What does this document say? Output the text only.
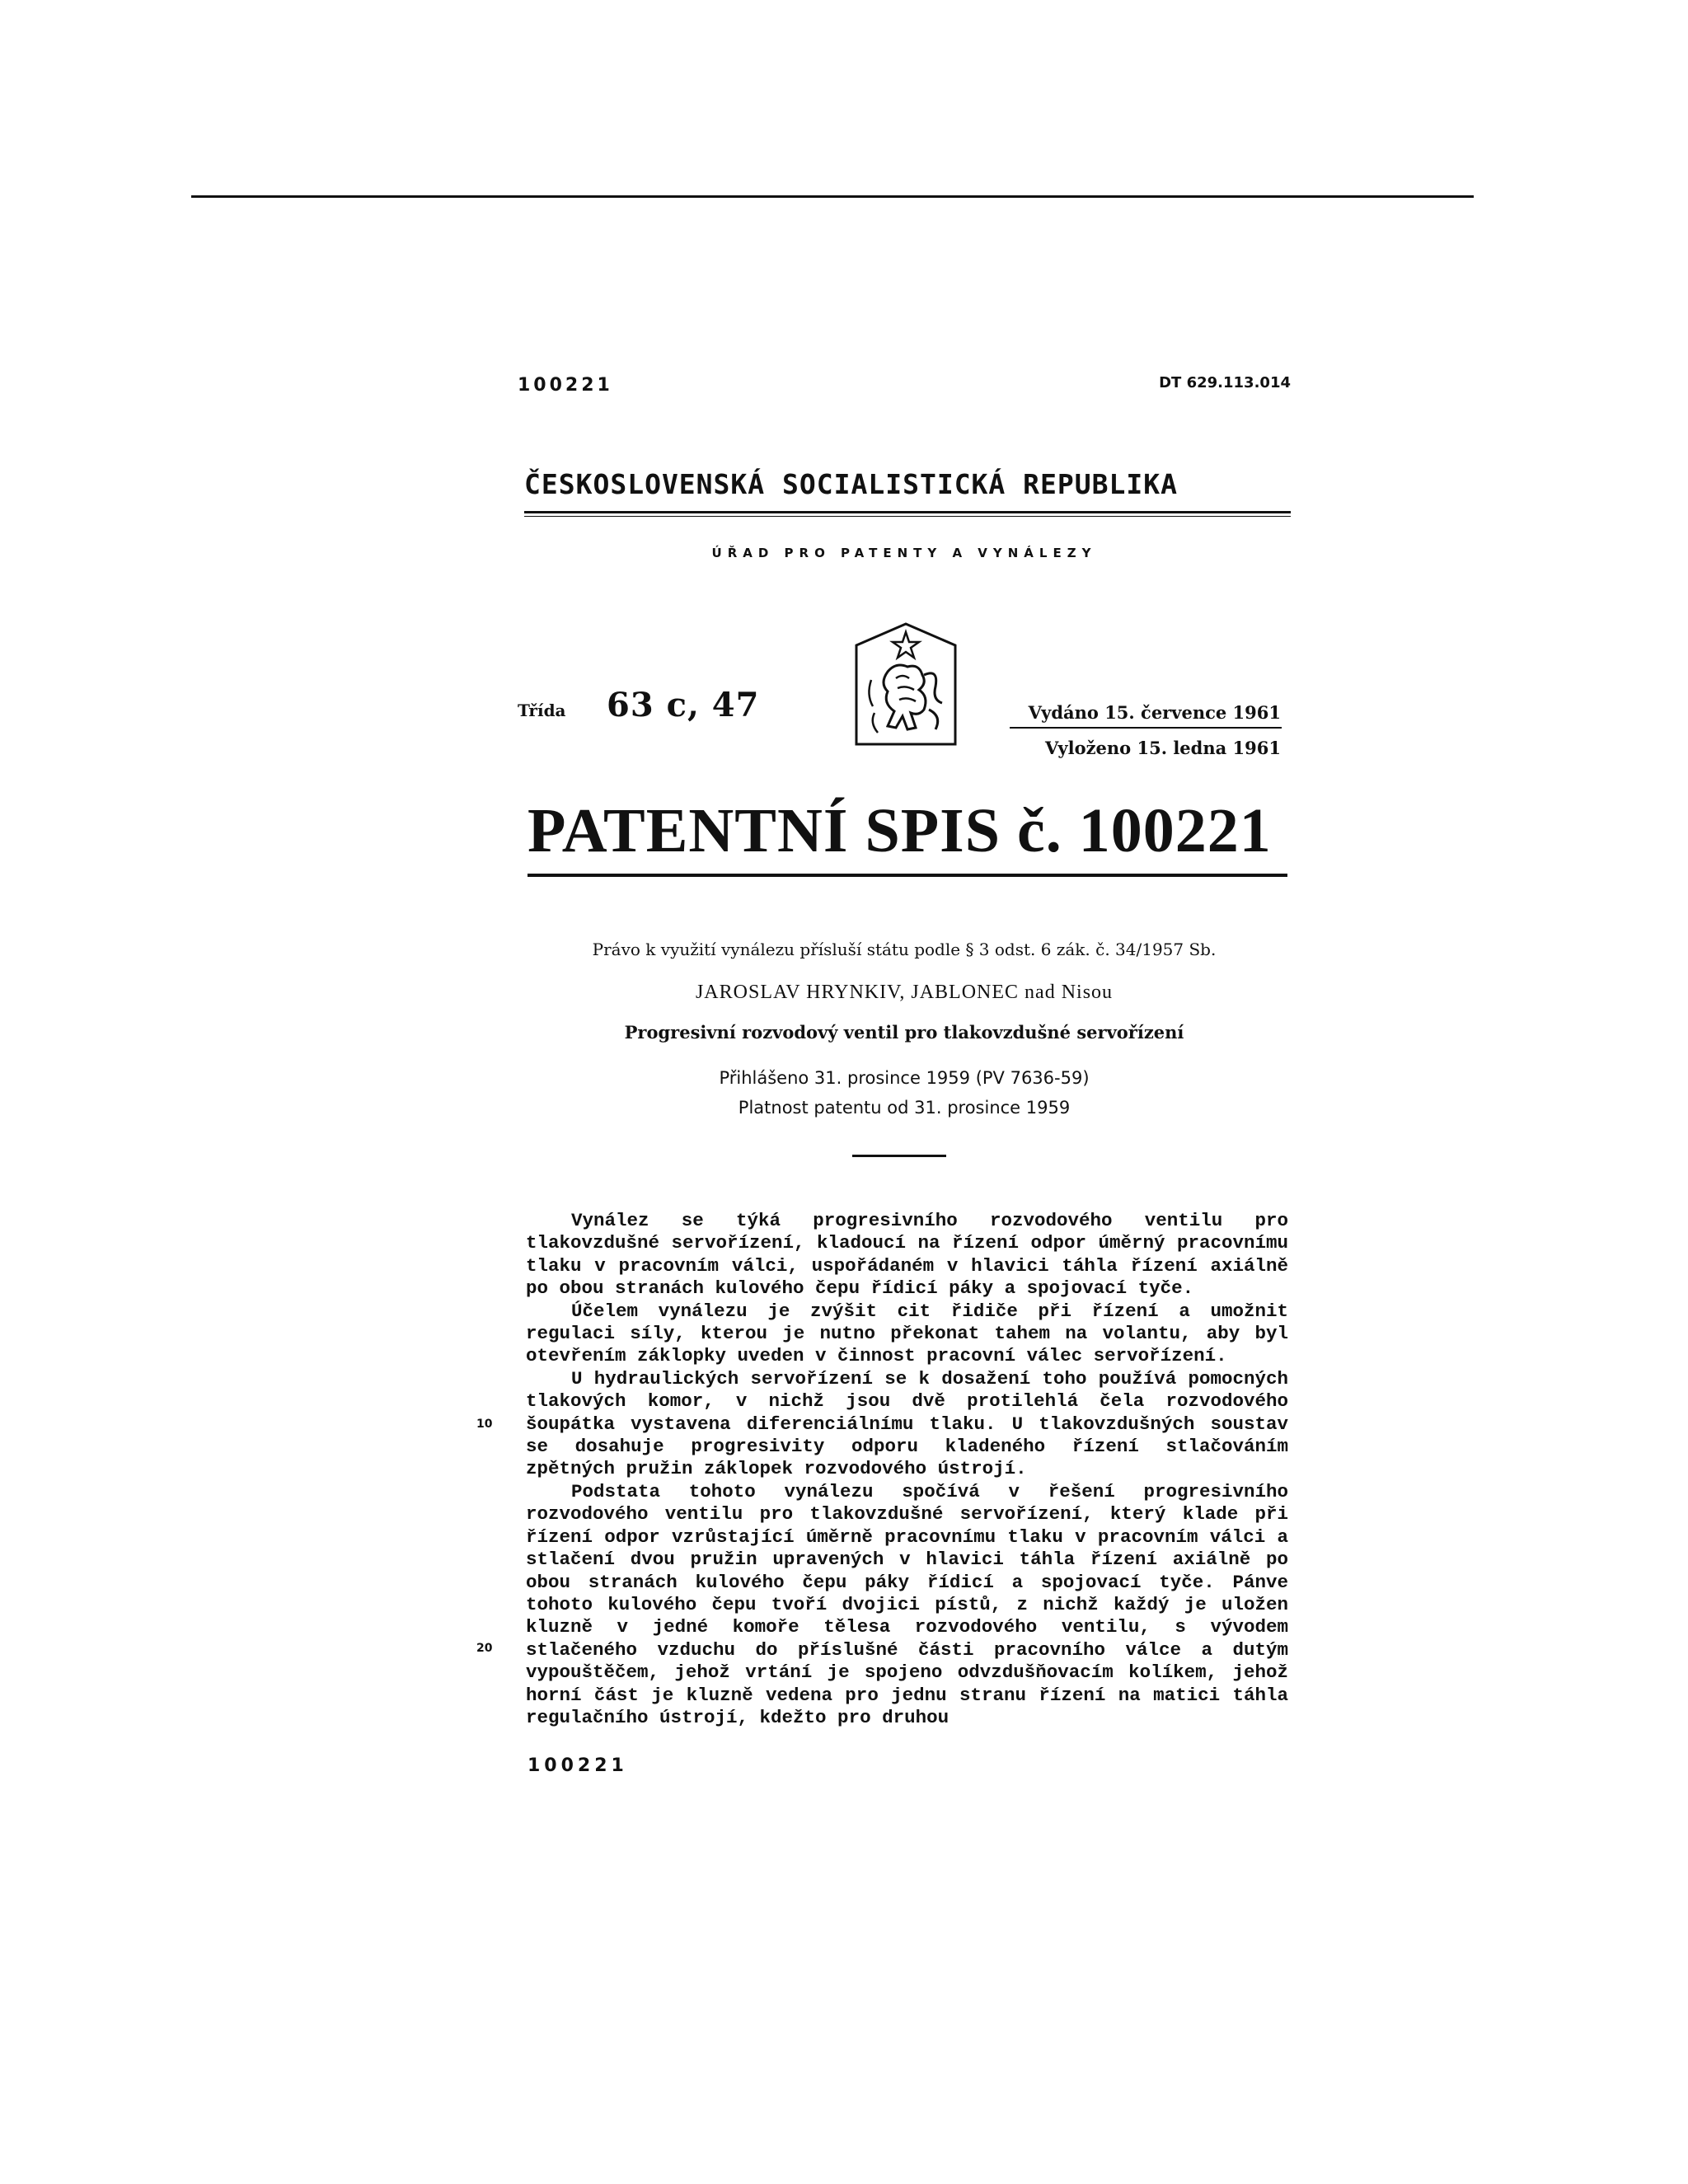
100221	DT 629.113.014
ČESKOSLOVENSKÁ SOCIALISTICKÁ REPUBLIKA
ÚŘAD PRO PATENTY A VYNÁLEZY
Třída 63 c, 47	Vydáno 15. července 1961
Vyloženo 15. ledna 1961
PATENTNÍ SPIS č. 100221
Právo k využití vynálezu přísluší státu podle § 3 odst. 6 zák. č. 34/1957 Sb.
JAROSLAV HRYNKIV, JABLONEC nad Nisou
Progresivní rozvodový ventil pro tlakovzdušné servořízení
Přihlášeno 31. prosince 1959 (PV 7636-59)
Platnost patentu od 31. prosince 1959

Vynález se týká progresivního rozvodového ventilu pro tlakovzdušné servořízení, kladoucí na řízení odpor úměrný pracovnímu tlaku v pracovním válci, uspořádaném v hlavici táhla řízení axiálně po obou stranách kulového čepu řídicí páky a spojovací tyče.

Účelem vynálezu je zvýšit cit řidiče při řízení a umožnit regulaci síly, kterou je nutno překonat tahem na volantu, aby byl otevřením záklopky uveden v činnost pracovní válec servořízení.

U hydraulických servořízení se k dosažení toho používá pomocných tlakových komor, v nichž jsou dvě protilehlá čela rozvodového šoupátka vystavena diferenciálnímu tlaku. U tlakovzdušných soustav se dosahuje progresivity odporu kladeného řízení stlačováním zpětných pružin záklopek rozvodového ústrojí.

Podstata tohoto vynálezu spočívá v řešení progresivního rozvodového ventilu pro tlakovzdušné servořízení, který klade při řízení odpor vzrůstající úměrně pracovnímu tlaku v pracovním válci a stlačení dvou pružin upravených v hlavici táhla řízení axiálně po obou stranách kulového čepu páky řídicí a spojovací tyče. Pánve tohoto kulového čepu tvoří dvojici pístů, z nichž každý je uložen kluzně v jedné komoře tělesa rozvodového ventilu, s vývodem stlačeného vzduchu do příslušné části pracovního válce a dutým vypouštěčem, jehož vrtání je spojeno odvzdušňovacím kolíkem, jehož horní část je kluzně vedena pro jednu stranu řízení na matici táhla regulačního ústrojí, kdežto pro druhou

10
20
100221
